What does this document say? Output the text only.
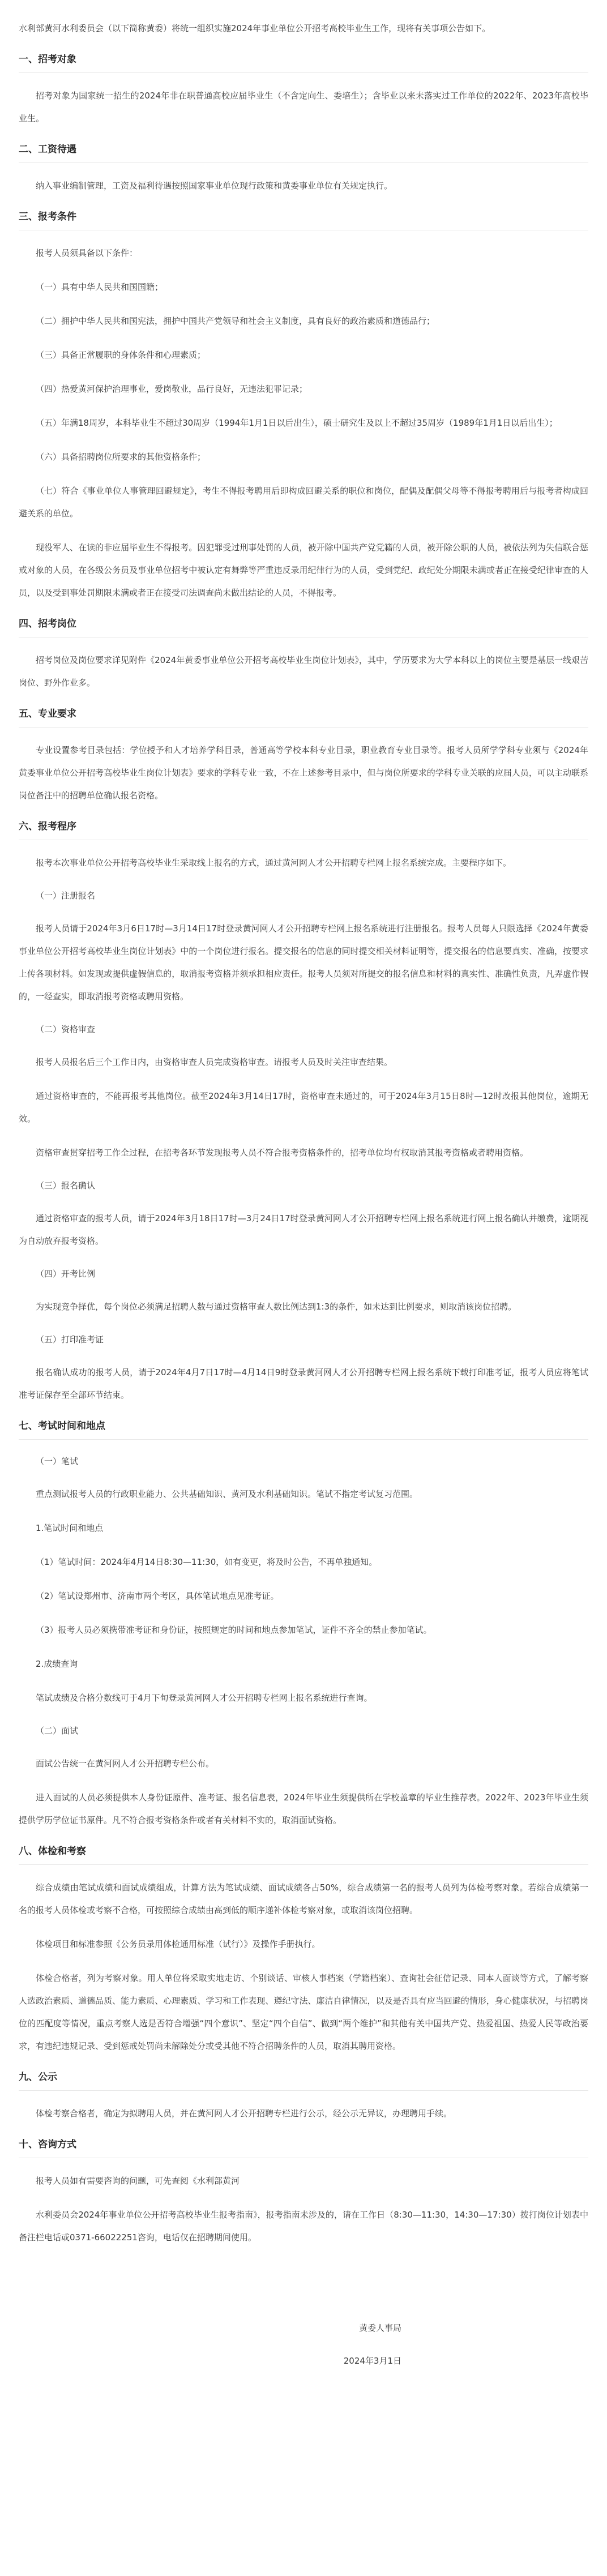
水利部黄河水利委员会（以下简称黄委）将统一组织实施2024年事业单位公开招考高校毕业生工作，现将有关事项公告如下。

一、招考对象

招考对象为国家统一招生的2024年非在职普通高校应届毕业生（不含定向生、委培生）；含毕业以来未落实过工作单位的2022年、2023年高校毕业生。

二、工资待遇

纳入事业编制管理，工资及福利待遇按照国家事业单位现行政策和黄委事业单位有关规定执行。

三、报考条件

报考人员须具备以下条件：

（一）具有中华人民共和国国籍；

（二）拥护中华人民共和国宪法，拥护中国共产党领导和社会主义制度，具有良好的政治素质和道德品行；

（三）具备正常履职的身体条件和心理素质；

（四）热爱黄河保护治理事业，爱岗敬业，品行良好，无违法犯罪记录；

（五）年满18周岁，本科毕业生不超过30周岁（1994年1月1日以后出生），硕士研究生及以上不超过35周岁（1989年1月1日以后出生）；

（六）具备招聘岗位所要求的其他资格条件；

（七）符合《事业单位人事管理回避规定》，考生不得报考聘用后即构成回避关系的职位和岗位，配偶及配偶父母等不得报考聘用后与报考者构成回避关系的单位。

现役军人、在读的非应届毕业生不得报考。因犯罪受过刑事处罚的人员，被开除中国共产党党籍的人员，被开除公职的人员，被依法列为失信联合惩戒对象的人员，在各级公务员及事业单位招考中被认定有舞弊等严重违反录用纪律行为的人员，受到党纪、政纪处分期限未满或者正在接受纪律审查的人员，以及受到事处罚期限未满或者正在接受司法调查尚未做出结论的人员，不得报考。

四、招考岗位

招考岗位及岗位要求详见附件《2024年黄委事业单位公开招考高校毕业生岗位计划表》，其中，学历要求为大学本科以上的岗位主要是基层一线艰苦岗位、野外作业多。

五、专业要求

专业设置参考目录包括：学位授予和人才培养学科目录，普通高等学校本科专业目录，职业教育专业目录等。报考人员所学学科专业须与《2024年黄委事业单位公开招考高校毕业生岗位计划表》要求的学科专业一致，不在上述参考目录中，但与岗位所要求的学科专业关联的应届人员，可以主动联系岗位备注中的招聘单位确认报名资格。

六、报考程序

报考本次事业单位公开招考高校毕业生采取线上报名的方式，通过黄河网人才公开招聘专栏网上报名系统完成。主要程序如下。

（一）注册报名

报考人员请于2024年3月6日17时—3月14日17时登录黄河网人才公开招聘专栏网上报名系统进行注册报名。报考人员每人只限选择《2024年黄委事业单位公开招考高校毕业生岗位计划表》中的一个岗位进行报名。提交报名的信息的同时提交相关材料证明等，提交报名的信息要真实、准确，按要求上传各项材料。如发现或提供虚假信息的，取消报考资格并须承担相应责任。报考人员须对所提交的报名信息和材料的真实性、准确性负责，凡弄虚作假的，一经查实，即取消报考资格或聘用资格。

（二）资格审查

报考人员报名后三个工作日内，由资格审查人员完成资格审查。请报考人员及时关注审查结果。

通过资格审查的，不能再报考其他岗位。截至2024年3月14日17时，资格审查未通过的，可于2024年3月15日8时—12时改报其他岗位，逾期无效。

资格审查贯穿招考工作全过程，在招考各环节发现报考人员不符合报考资格条件的，招考单位均有权取消其报考资格或者聘用资格。

（三）报名确认

通过资格审查的报考人员，请于2024年3月18日17时—3月24日17时登录黄河网人才公开招聘专栏网上报名系统进行网上报名确认并缴费，逾期视为自动放弃报考资格。

（四）开考比例

为实现竞争择优，每个岗位必须满足招聘人数与通过资格审查人数比例达到1:3的条件，如未达到比例要求，则取消该岗位招聘。

（五）打印准考证

报名确认成功的报考人员，请于2024年4月7日17时—4月14日9时登录黄河网人才公开招聘专栏网上报名系统下载打印准考证，报考人员应将笔试准考证保存至全部环节结束。

七、考试时间和地点
（一）笔试

重点测试报考人员的行政职业能力、公共基础知识、黄河及水利基础知识。笔试不指定考试复习范围。

1.笔试时间和地点

（1）笔试时间：2024年4月14日8:30—11:30，如有变更，将及时公告，不再单独通知。

（2）笔试设郑州市、济南市两个考区，具体笔试地点见准考证。

（3）报考人员必须携带准考证和身份证，按照规定的时间和地点参加笔试，证件不齐全的禁止参加笔试。

2.成绩查询

笔试成绩及合格分数线可于4月下旬登录黄河网人才公开招聘专栏网上报名系统进行查询。

（二）面试

面试公告统一在黄河网人才公开招聘专栏公布。

进入面试的人员必须提供本人身份证原件、准考证、报名信息表，2024年毕业生须提供所在学校盖章的毕业生推荐表。2022年、2023年毕业生须提供学历学位证书原件。凡不符合报考资格条件或者有关材料不实的，取消面试资格。

八、体检和考察

综合成绩由笔试成绩和面试成绩组成，计算方法为笔试成绩、面试成绩各占50%，综合成绩第一名的报考人员列为体检考察对象。若综合成绩第一名的报考人员体检或考察不合格，可按照综合成绩由高到低的顺序递补体检考察对象，或取消该岗位招聘。

体检项目和标准参照《公务员录用体检通用标准（试行）》及操作手册执行。

体检合格者，列为考察对象。用人单位将采取实地走访、个别谈话、审核人事档案（学籍档案）、查询社会征信记录、同本人面谈等方式，了解考察人选政治素质、道德品质、能力素质、心理素质、学习和工作表现、遵纪守法、廉洁自律情况，以及是否具有应当回避的情形，身心健康状况，与招聘岗位的匹配度等情况，重点考察人选是否符合增强“四个意识”、坚定“四个自信”、做到“两个维护”和其他有关中国共产党、热爱祖国、热爱人民等政治要求，有违纪违规记录、受到惩戒处罚尚未解除处分或受其他不符合招聘条件的人员，取消其聘用资格。

九、公示

体检考察合格者，确定为拟聘用人员，并在黄河网人才公开招聘专栏进行公示，经公示无异议，办理聘用手续。

十、咨询方式

报考人员如有需要咨询的问题，可先查阅《水利部黄河

水利委员会2024年事业单位公开招考高校毕业生报考指南》，报考指南未涉及的，请在工作日（8:30—11:30，14:30—17:30）拨打岗位计划表中备注栏电话或0371-66022251咨询，电话仅在招聘期间使用。

黄委人事局
2024年3月1日
